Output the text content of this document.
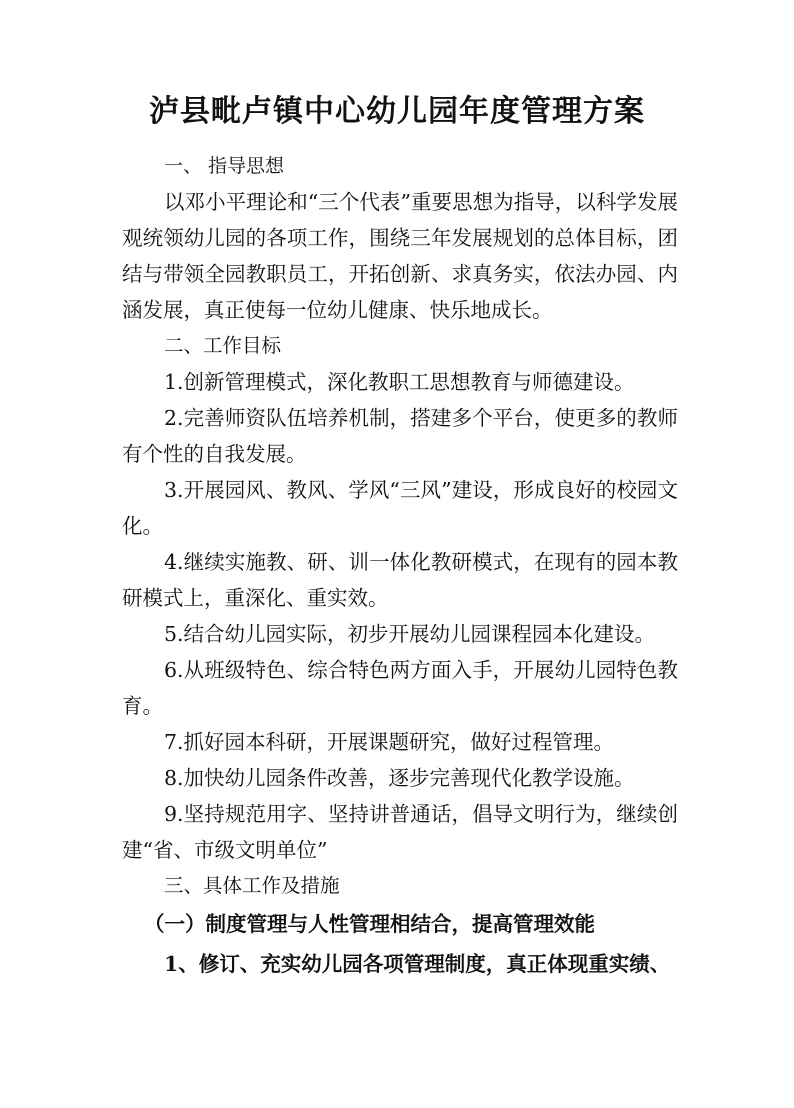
泸县毗卢镇中心幼儿园年度管理方案

一、 指导思想

以邓小平理论和“三个代表”重要思想为指导，以科学发展观统领幼儿园的各项工作，围绕三年发展规划的总体目标，团结与带领全园教职员工，开拓创新、求真务实，依法办园、内涵发展，真正使每一位幼儿健康、快乐地成长。

二、工作目标

1.创新管理模式，深化教职工思想教育与师德建设。

2.完善师资队伍培养机制，搭建多个平台，使更多的教师有个性的自我发展。

3.开展园风、教风、学风“三风”建设，形成良好的校园文化。

4.继续实施教、研、训一体化教研模式，在现有的园本教研模式上，重深化、重实效。

5.结合幼儿园实际，初步开展幼儿园课程园本化建设。

6.从班级特色、综合特色两方面入手，开展幼儿园特色教育。

7.抓好园本科研，开展课题研究，做好过程管理。

8.加快幼儿园条件改善，逐步完善现代化教学设施。

9.坚持规范用字、坚持讲普通话，倡导文明行为，继续创建“省、市级文明单位”

三、具体工作及措施

（一）制度管理与人性管理相结合，提高管理效能

1、修订、充实幼儿园各项管理制度，真正体现重实绩、
